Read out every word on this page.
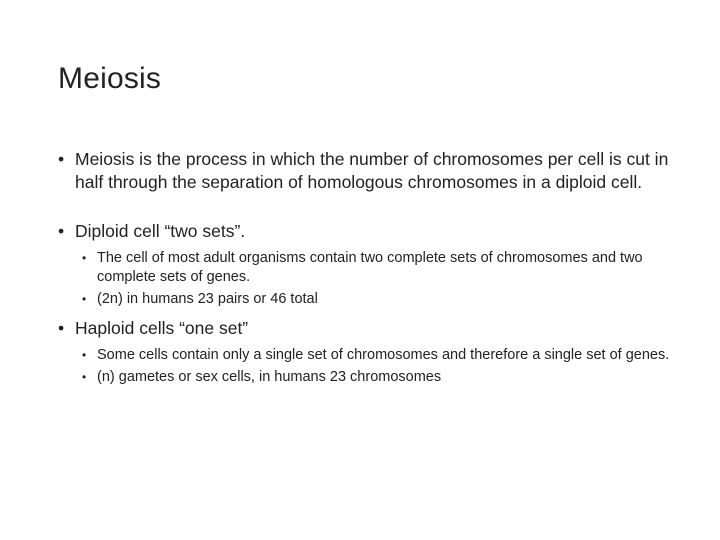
Meiosis
• Meiosis is the process in which the number of chromosomes per cell is cut in half through the separation of homologous chromosomes in a diploid cell.
• Diploid cell “two sets”.
• The cell of most adult organisms contain two complete sets of chromosomes and two complete sets of genes.
• (2n) in humans 23 pairs or 46 total
• Haploid cells “one set”
• Some cells contain only a single set of chromosomes and therefore a single set of genes.
• (n) gametes or sex cells, in humans 23 chromosomes
